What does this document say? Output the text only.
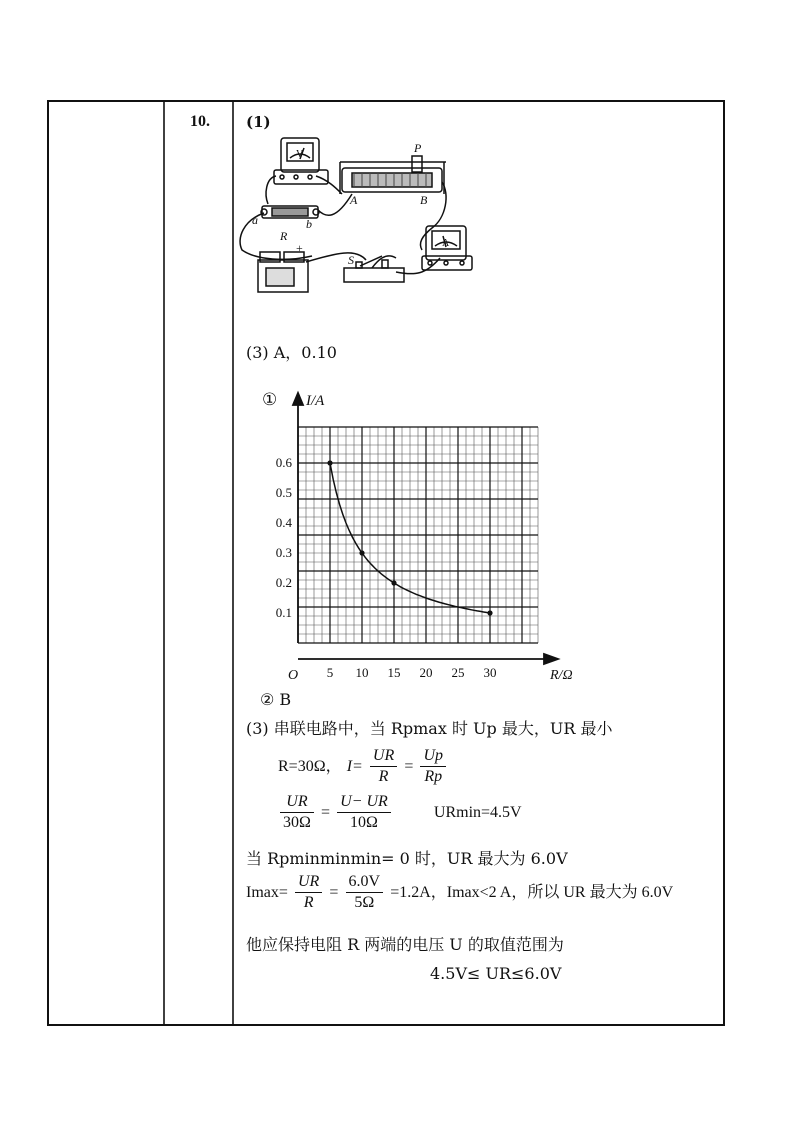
10. (1)
V
A
a	b
R
A	B
P
S
+
(3) A，0.10
①
5 10 15 20 25 30
0.1
0.2
0.3
0.4
0.5
0.6
I/A
R/Ω
O
② B
(3) 串联电路中，当 Rpmax 时 Up 最大，UR 最小
R=30Ω， $I= \frac{UR}{R} = \frac{Up}{Rp}$
$\frac{UR}{30\Omega} = \frac{U- UR}{10\Omega}$	URmin=4.5V
当 Rpminminmin= 0 时，UR 最大为 6.0V
$Imax= \frac{UR}{R} = \frac{6.0V}{5\Omega} =1.2A$，Imax<2 A，所以 UR 最大为 6.0V
他应保持电阻 R 两端的电压 U 的取值范围为
4.5V≤ UR≤6.0V
